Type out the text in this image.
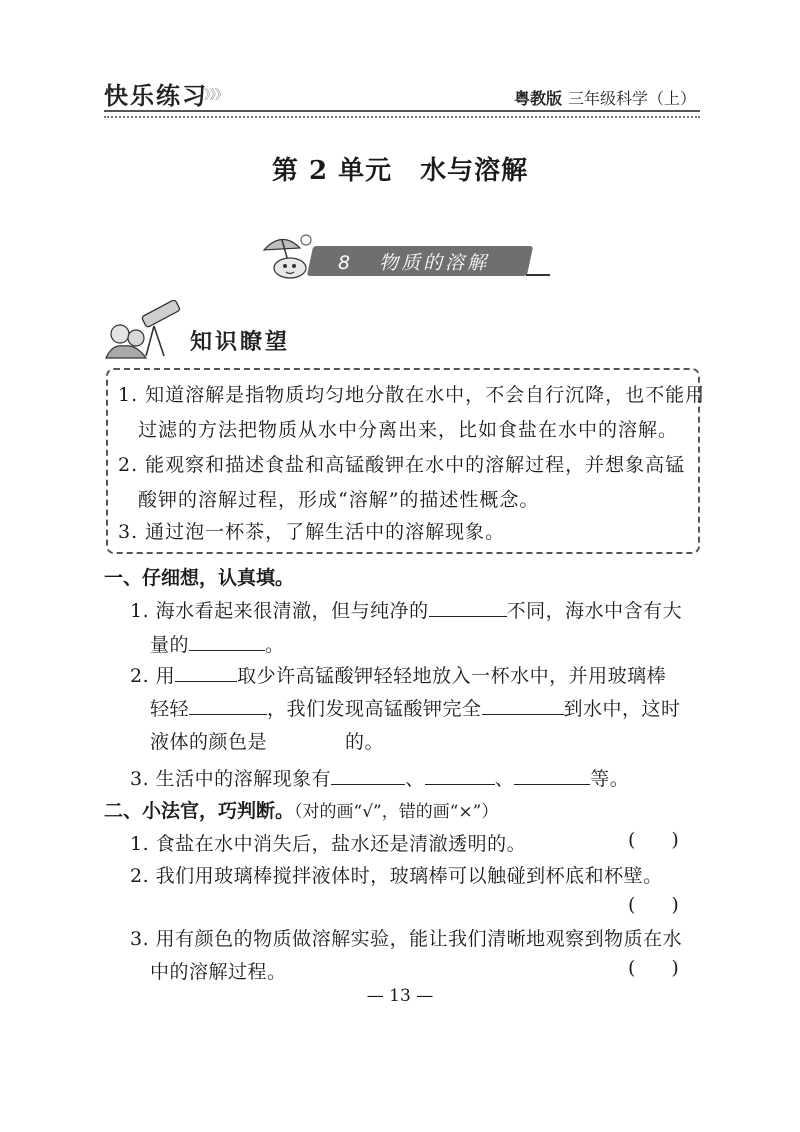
快乐练习
》》》	粤教版 三年级科学（上）
第 2 单元 水与溶解
8 物质的溶解
知识瞭望
1. 知道溶解是指物质均匀地分散在水中，不会自行沉降，也不能用
过滤的方法把物质从水中分离出来，比如食盐在水中的溶解。
2. 能观察和描述食盐和高锰酸钾在水中的溶解过程，并想象高锰
酸钾的溶解过程，形成“溶解”的描述性概念。
3. 通过泡一杯茶，了解生活中的溶解现象。
一、仔细想，认真填。
1. 海水看起来很清澈，但与纯净的	不同，海水中含有大
量的	。
2. 用	取少许高锰酸钾轻轻地放入一杯水中，并用玻璃棒
轻轻	，我们发现高锰酸钾完全	到水中，这时
液体的颜色是	的。
3. 生活中的溶解现象有	、	、	等。
二、小法官，巧判断。（对的画“√”，错的画“×”）
1. 食盐在水中消失后，盐水还是清澈透明的。	( )
2. 我们用玻璃棒搅拌液体时，玻璃棒可以触碰到杯底和杯壁。
( )
3. 用有颜色的物质做溶解实验，能让我们清晰地观察到物质在水
中的溶解过程。	( )
— 13 —
